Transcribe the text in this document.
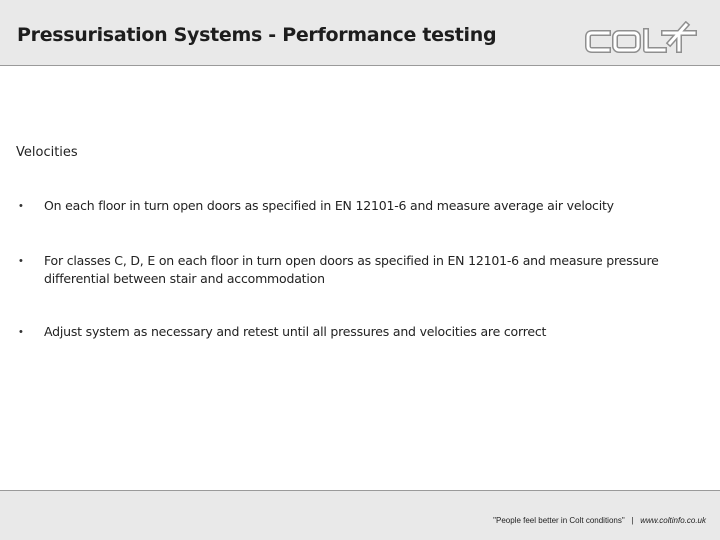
Pressurisation Systems - Performance testing
Velocities
• On each floor in turn open doors as specified in EN 12101-6 and measure average air velocity
• For classes C, D, E on each floor in turn open doors as specified in EN 12101-6 and measure pressure differential between stair and accommodation
• Adjust system as necessary and retest until all pressures and velocities are correct
"People feel better in Colt conditions" | www.coltinfo.co.uk
